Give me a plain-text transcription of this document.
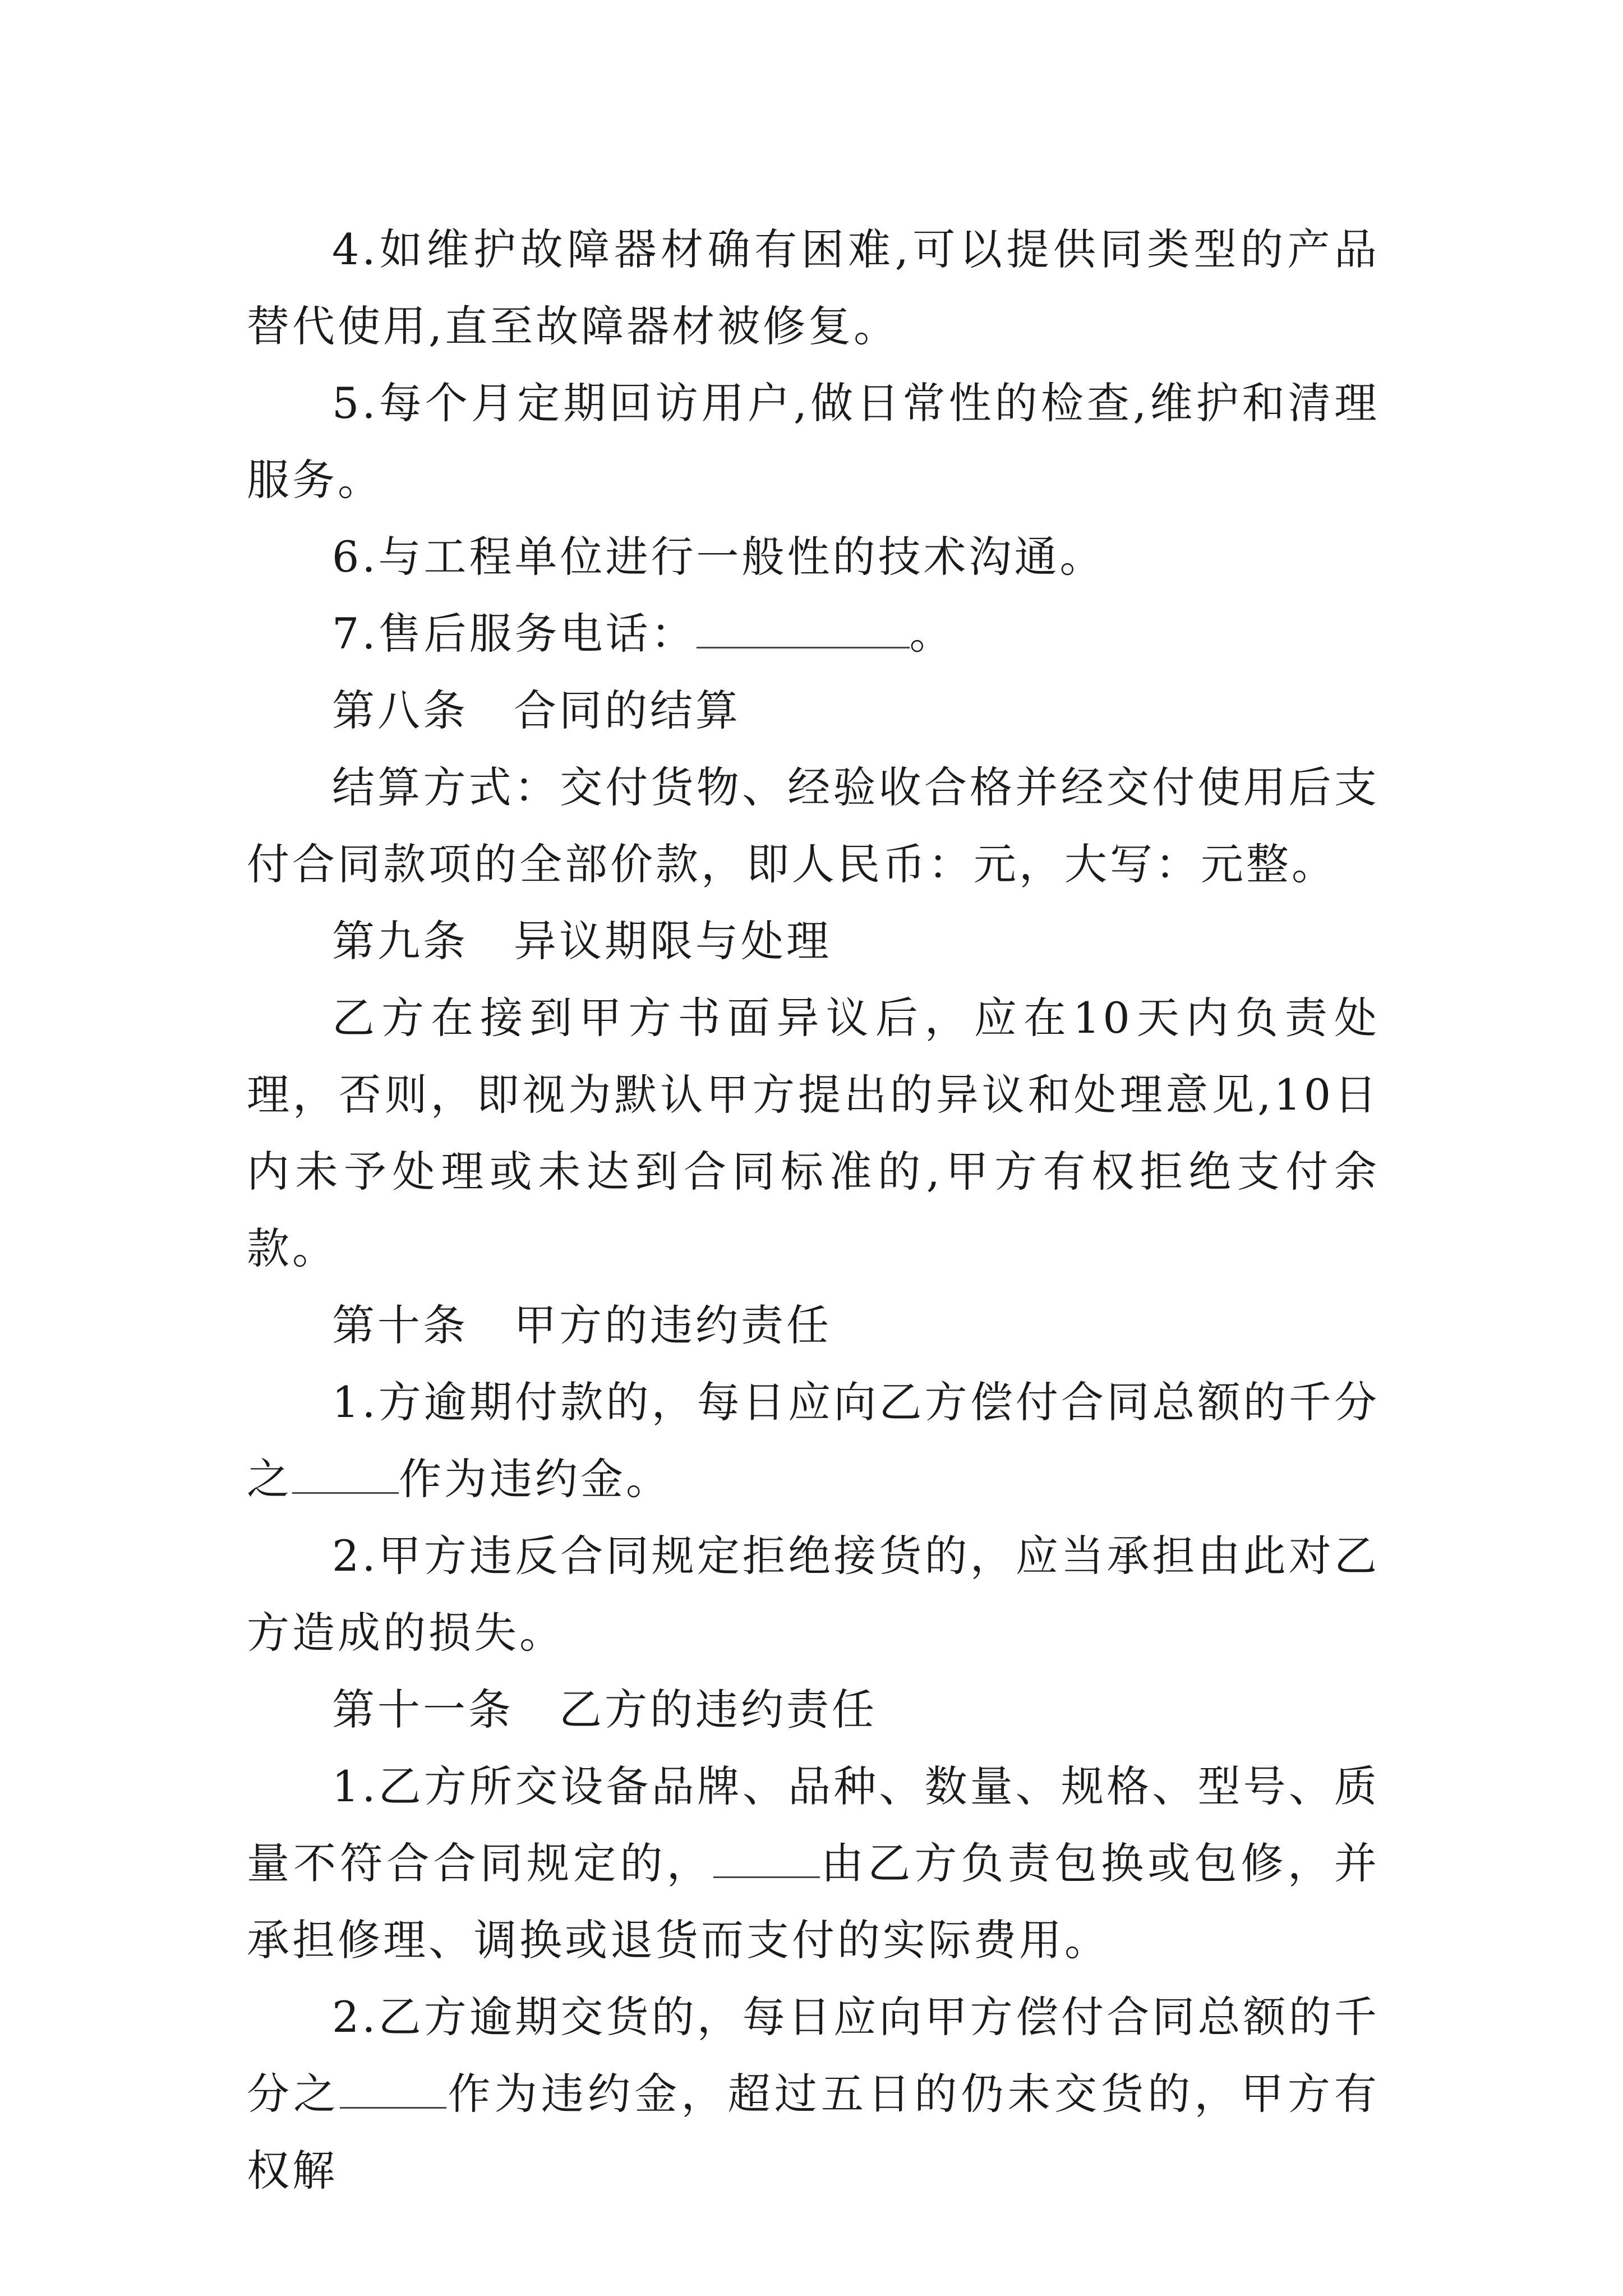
4.如维护故障器材确有困难,可以提供同类型的产品替代使用,直至故障器材被修复。

5.每个月定期回访用户,做日常性的检查,维护和清理服务。

6.与工程单位进行一般性的技术沟通。

7.售后服务电话：	。

第八条　合同的结算

结算方式：交付货物、经验收合格并经交付使用后支付合同款项的全部价款，即人民币：元，大写：元整。

第九条　异议期限与处理

乙方在接到甲方书面异议后，应在10天内负责处理，否则，即视为默认甲方提出的异议和处理意见,10日内未予处理或未达到合同标准的,甲方有权拒绝支付余款。

第十条　甲方的违约责任

1.方逾期付款的，每日应向乙方偿付合同总额的千分之	作为违约金。

2.甲方违反合同规定拒绝接货的，应当承担由此对乙方造成的损失。

第十一条　乙方的违约责任

1.乙方所交设备品牌、品种、数量、规格、型号、质量不符合合同规定的，	由乙方负责包换或包修，并承担修理、调换或退货而支付的实际费用。

2.乙方逾期交货的，每日应向甲方偿付合同总额的千分之	作为违约金，超过五日的仍未交货的，甲方有权解
